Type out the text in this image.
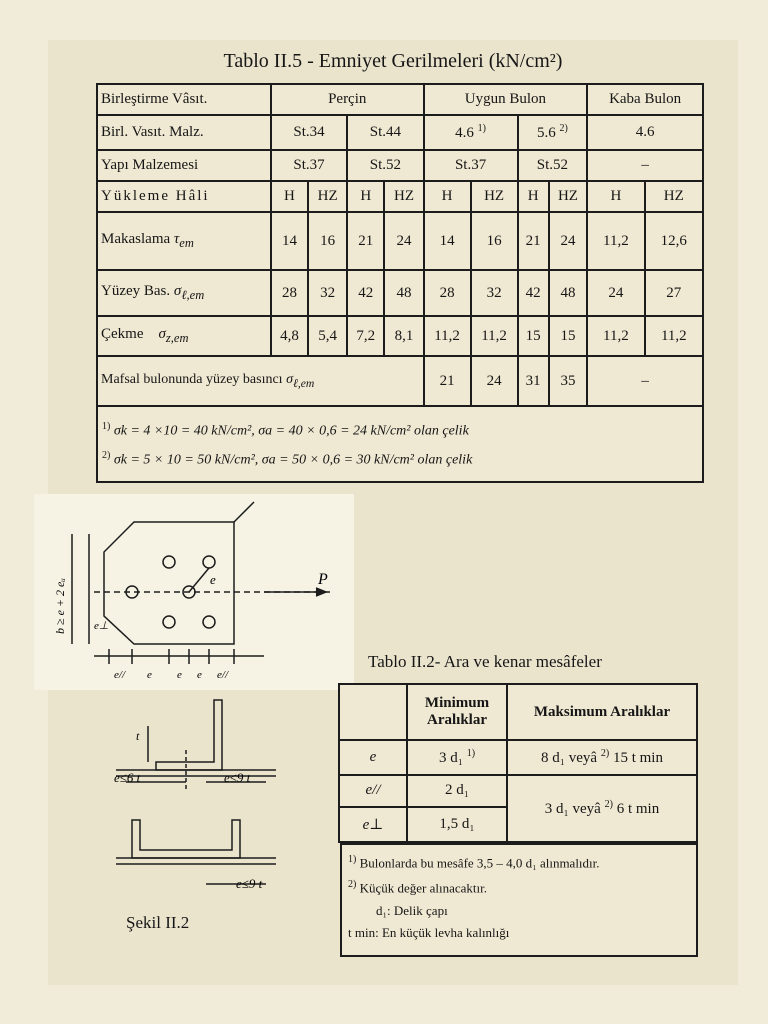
Tablo II.5 - Emniyet Gerilmeleri (kN/cm²)
Birleştirme Vâsıt.	Perçin				Uygun Bulon				Kaba Bulon	
Birl. Vasıt. Malz.	St.34		St.44		4.6 $^{1)}$		5.6 $^{2)}$		4.6	
Yapı Malzemesi	St.37		St.52		St.37		St.52		–	
Yükleme Hâli	H	HZ	H	HZ	H	HZ	H	HZ	H	HZ
Makaslama $\tau_{em}$	14	16	21	24	14	16	21	24	11,2	12,6
Yüzey Bas. $\sigma_{\ell,em}$	28	32	42	48	28	32	42	48	24	27
Çekme $\sigma_{z,em}$	4,8	5,4	7,2	8,1	11,2	11,2	15	15	11,2	11,2
Mafsal bulonunda yüzey basıncı $\sigma_{\ell,em}$					21	24	31	35	–	

$^{1)}$ σk = 4 ×10 = 40 kN/cm², σa = 40 × 0,6 = 24 kN/cm² olan çelik
$^{2)}$ σk = 5 × 10 = 50 kN/cm², σa = 50 × 0,6 = 30 kN/cm² olan çelik										
P
e
b ≥ e + 2 eᵤ e⊥
e// e e e e//
t
e≤6 t	e≤9 t
e≤9 t
Şekil II.2
Tablo II.2- Ara ve kenar mesâfeler
	Minimum Aralıklar	Maksimum Aralıklar
e	3 d₁ $^{1)}$	8 d₁ veyâ $^{2)}$ 15 t min
e//	2 d₁	3 d₁ veyâ $^{2)}$ 6 t min
e⊥	1,5 d₁	
$^{1)}$ Bulonlarda bu mesâfe 3,5 – 4,0 d₁ alınmalıdır.
$^{2)}$ Küçük değer alınacaktır.
d₁: Delik çapı
t min: En küçük levha kalınlığı
